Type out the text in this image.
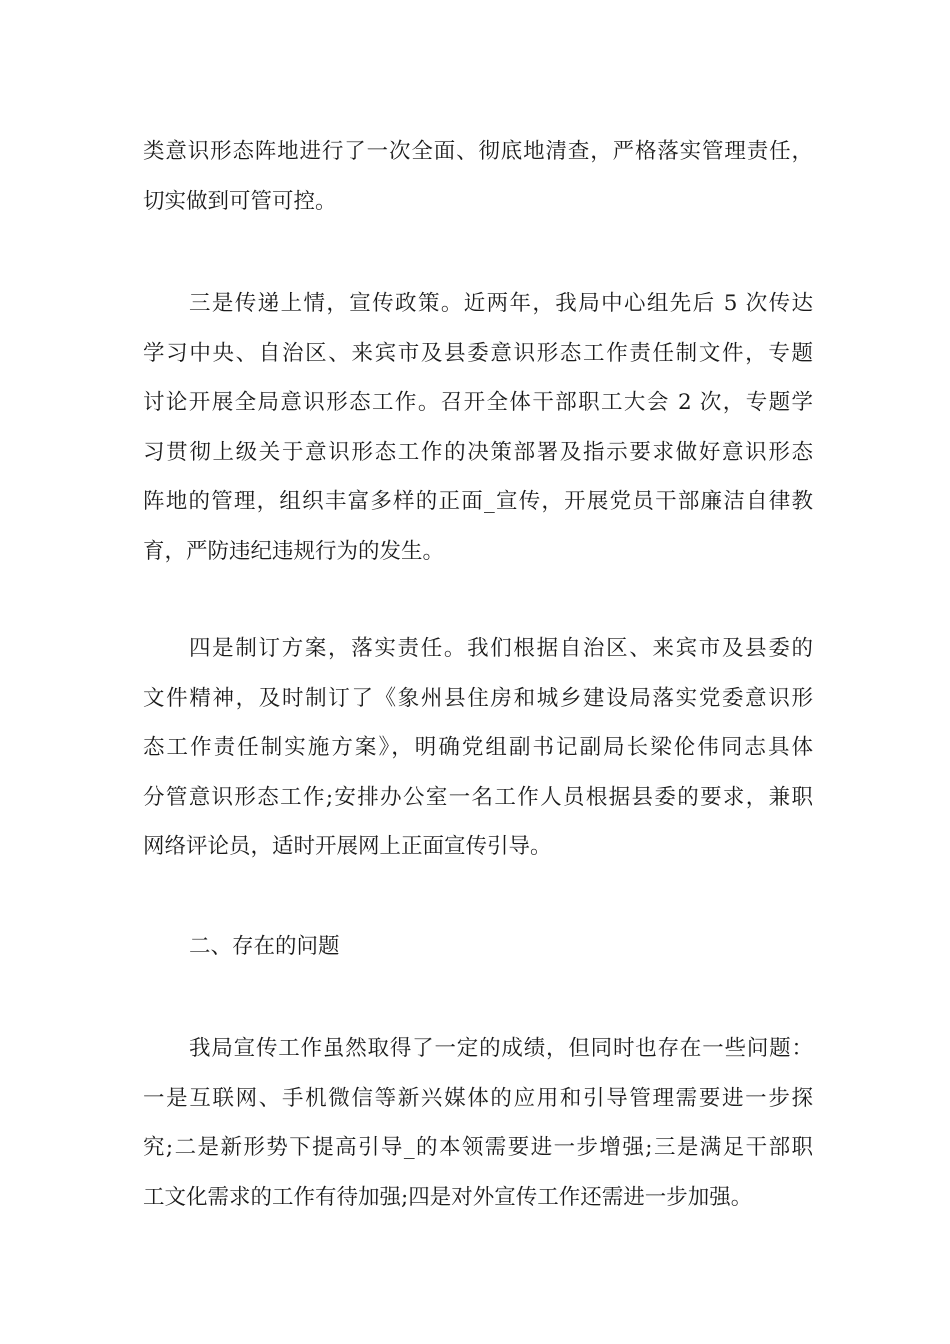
类意识形态阵地进行了一次全面、彻底地清查，严格落实管理责任，
切实做到可管可控。
三是传递上情，宣传政策。近两年，我局中心组先后 5 次传达
学习中央、自治区、来宾市及县委意识形态工作责任制文件，专题
讨论开展全局意识形态工作。召开全体干部职工大会 2 次，专题学
习贯彻上级关于意识形态工作的决策部署及指示要求做好意识形态
阵地的管理，组织丰富多样的正面_宣传，开展党员干部廉洁自律教
育，严防违纪违规行为的发生。
四是制订方案，落实责任。我们根据自治区、来宾市及县委的
文件精神，及时制订了《象州县住房和城乡建设局落实党委意识形
态工作责任制实施方案》，明确党组副书记副局长梁伦伟同志具体
分管意识形态工作;安排办公室一名工作人员根据县委的要求，兼职
网络评论员，适时开展网上正面宣传引导。
二、存在的问题
我局宣传工作虽然取得了一定的成绩，但同时也存在一些问题：
一是互联网、手机微信等新兴媒体的应用和引导管理需要进一步探
究;二是新形势下提高引导_的本领需要进一步增强;三是满足干部职
工文化需求的工作有待加强;四是对外宣传工作还需进一步加强。
